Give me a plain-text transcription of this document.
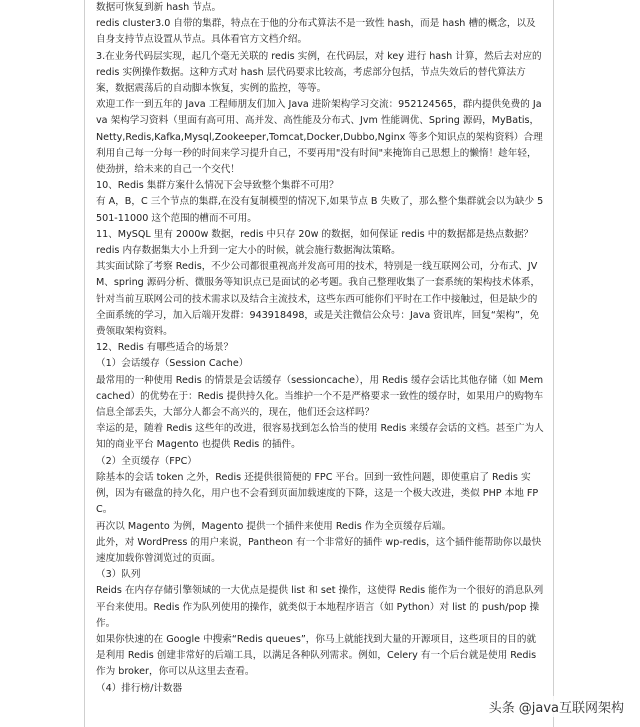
数据可恢复到新 hash 节点。

redis cluster3.0 自带的集群，特点在于他的分布式算法不是一致性 hash，而是 hash 槽的概念，以及自身支持节点设置从节点。具体看官方文档介绍。

3.在业务代码层实现，起几个毫无关联的 redis 实例，在代码层，对 key 进行 hash 计算，然后去对应的 redis 实例操作数据。这种方式对 hash 层代码要求比较高，考虑部分包括，节点失效后的替代算法方案，数据震荡后的自动脚本恢复，实例的监控，等等。

欢迎工作一到五年的 Java 工程师朋友们加入 Java 进阶架构学习交流：952124565，群内提供免费的 Java 架构学习资料（里面有高可用、高并发、高性能及分布式、Jvm 性能调优、Spring 源码，MyBatis，Netty,Redis,Kafka,Mysql,Zookeeper,Tomcat,Docker,Dubbo,Nginx 等多个知识点的架构资料）合理利用自己每一分每一秒的时间来学习提升自己，不要再用"没有时间"来掩饰自己思想上的懒惰！趁年轻，使劲拼，给未来的自己一个交代！

10、Redis 集群方案什么情况下会导致整个集群不可用？

有 A，B，C 三个节点的集群,在没有复制模型的情况下,如果节点 B 失败了，那么整个集群就会以为缺少 5501-11000 这个范围的槽而不可用。

11、MySQL 里有 2000w 数据，redis 中只存 20w 的数据，如何保证 redis 中的数据都是热点数据？

redis 内存数据集大小上升到一定大小的时候，就会施行数据淘汰策略。

其实面试除了考察 Redis，不少公司都很重视高并发高可用的技术，特别是一线互联网公司，分布式、JVM、spring 源码分析、微服务等知识点已是面试的必考题。我自己整理收集了一套系统的架构技术体系，针对当前互联网公司的技术需求以及结合主流技术，这些东西可能你们平时在工作中接触过，但是缺少的全面系统的学习，加入后端开发群：943918498，或是关注微信公众号：Java 资讯库，回复“架构”，免费领取架构资料。

12、Redis 有哪些适合的场景？

（1）会话缓存（Session Cache）

最常用的一种使用 Redis 的情景是会话缓存（sessioncache），用 Redis 缓存会话比其他存储（如 Memcached）的优势在于：Redis 提供持久化。当维护一个不是严格要求一致性的缓存时，如果用户的购物车信息全部丢失，大部分人都会不高兴的，现在，他们还会这样吗？

幸运的是，随着 Redis 这些年的改进，很容易找到怎么恰当的使用 Redis 来缓存会话的文档。甚至广为人知的商业平台 Magento 也提供 Redis 的插件。

（2）全页缓存（FPC）

除基本的会话 token 之外，Redis 还提供很简便的 FPC 平台。回到一致性问题，即使重启了 Redis 实例，因为有磁盘的持久化，用户也不会看到页面加载速度的下降，这是一个极大改进，类似 PHP 本地 FPC。

再次以 Magento 为例，Magento 提供一个插件来使用 Redis 作为全页缓存后端。

此外，对 WordPress 的用户来说，Pantheon 有一个非常好的插件 wp-redis，这个插件能帮助你以最快速度加载你曾浏览过的页面。

（3）队列

Reids 在内存存储引擎领域的一大优点是提供 list 和 set 操作，这使得 Redis 能作为一个很好的消息队列平台来使用。Redis 作为队列使用的操作，就类似于本地程序语言（如 Python）对 list 的 push/pop 操作。

如果你快速的在 Google 中搜索“Redis queues”，你马上就能找到大量的开源项目，这些项目的目的就是利用 Redis 创建非常好的后端工具，以满足各种队列需求。例如，Celery 有一个后台就是使用 Redis 作为 broker，你可以从这里去查看。

（4）排行榜/计数器

头条 @java互联网架构
